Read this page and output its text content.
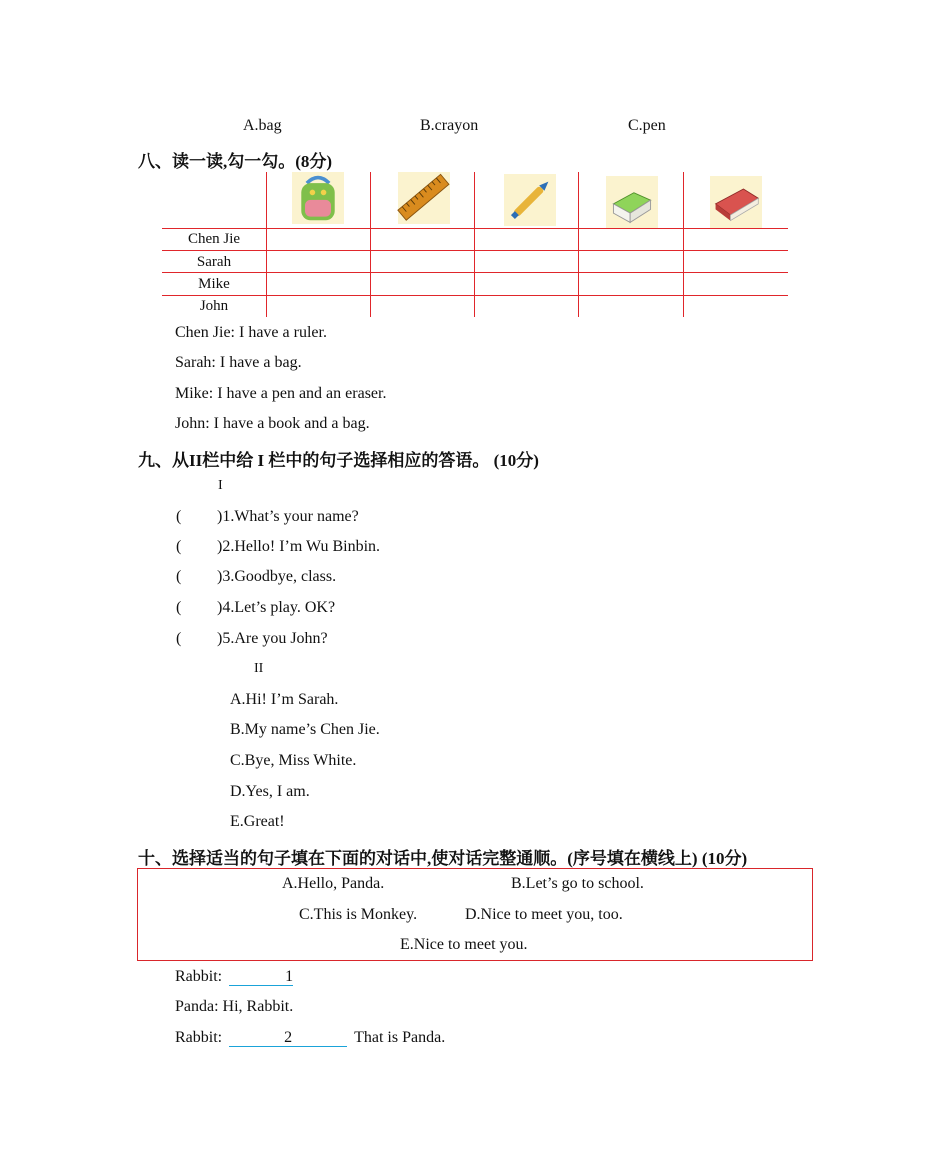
A.bag	B.crayon	C.pen
八、读一读,勾一勾。(8分)
Chen Jie
Sarah
Mike
John
Chen Jie: I have a ruler.
Sarah: I have a bag.
Mike: I have a pen and an eraser.
John: I have a book and a bag.
九、从II栏中给 I 栏中的句子选择相应的答语。 (10分)
I
( )1.What’s your name?
( )2.Hello! I’m Wu Binbin.
( )3.Goodbye, class.
( )4.Let’s play. OK?
( )5.Are you John?
II
A.Hi! I’m Sarah.
B.My name’s Chen Jie.
C.Bye, Miss White.
D.Yes, I am.
E.Great!
十、选择适当的句子填在下面的对话中,使对话完整通顺。(序号填在横线上) (10分)
A.Hello, Panda.	B.Let’s go to school.
C.This is Monkey.	D.Nice to meet you, too.
E.Nice to meet you.
Rabbit:	1
Panda: Hi, Rabbit.
Rabbit:	2	That is Panda.
